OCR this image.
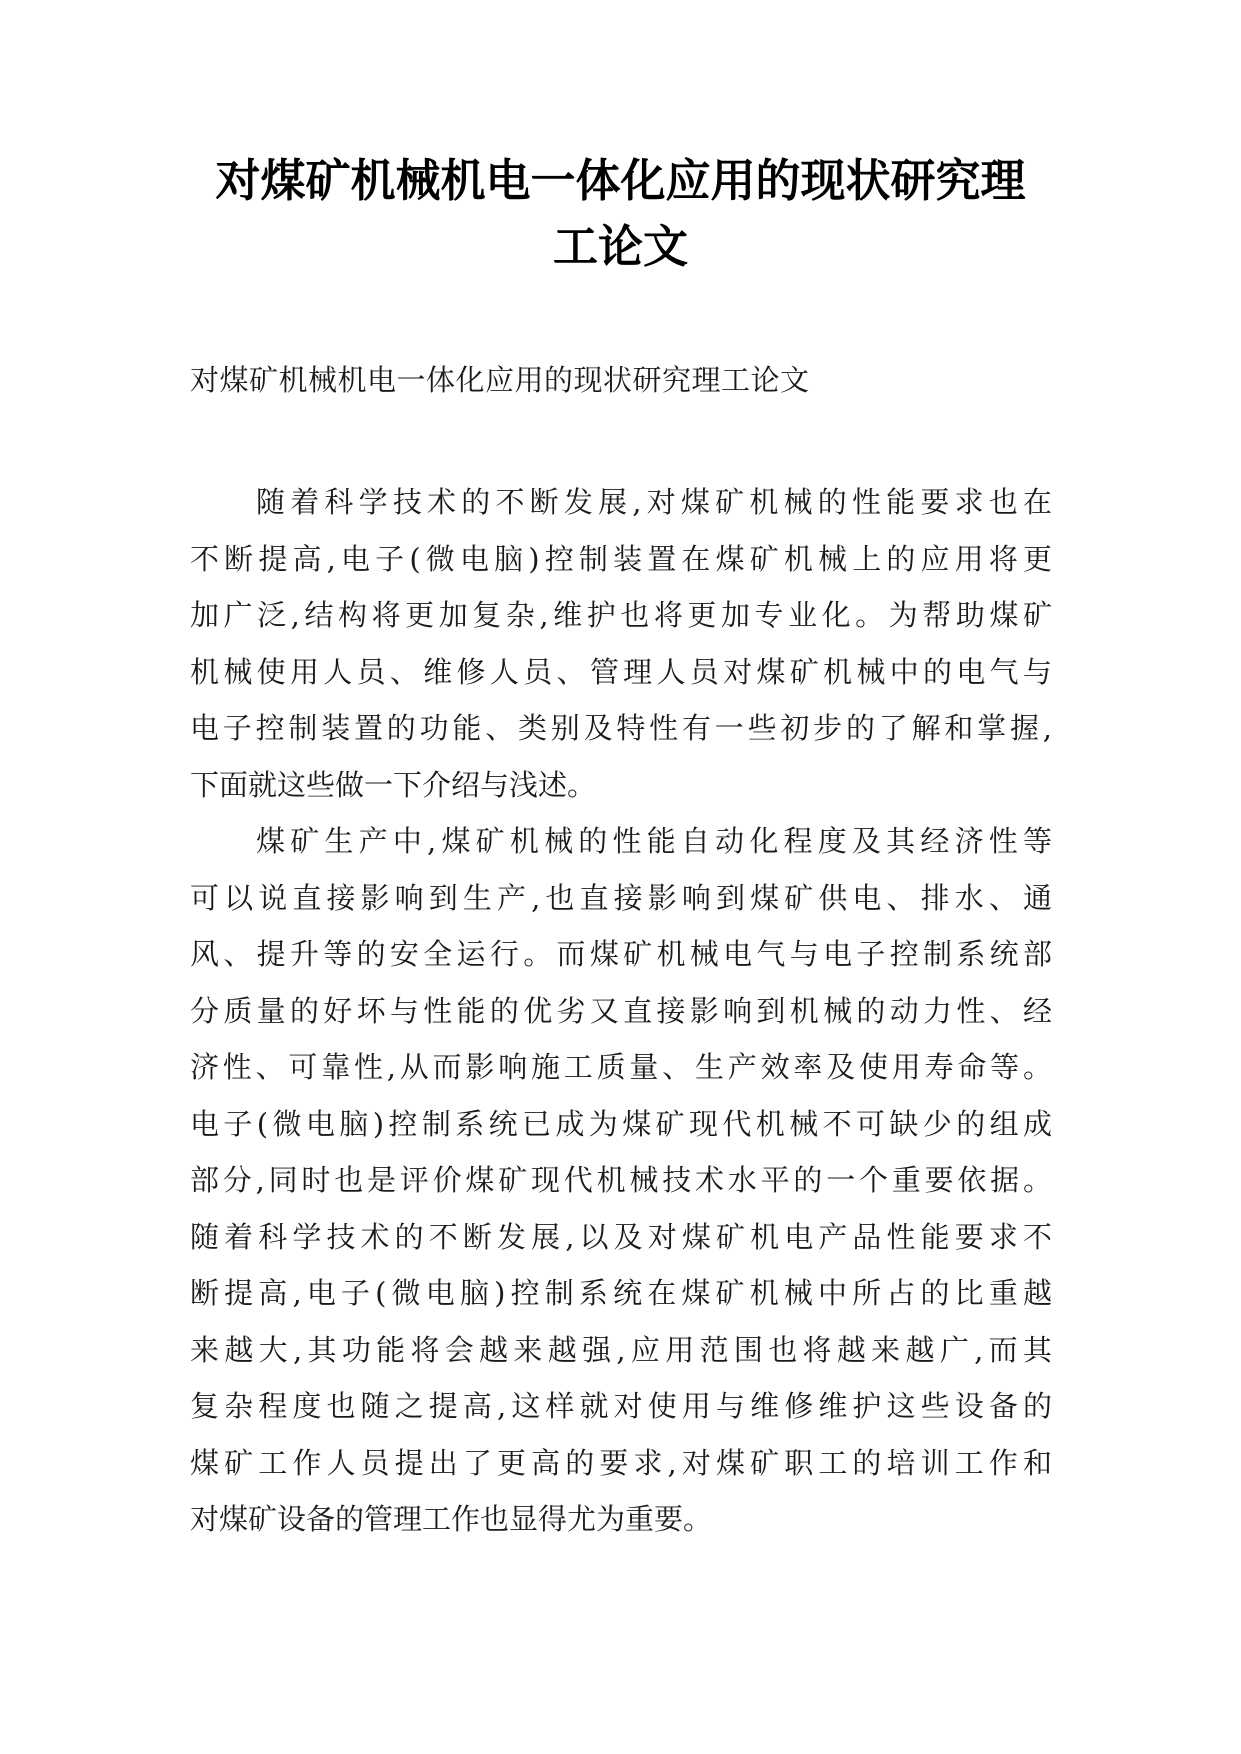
对煤矿机械机电一体化应用的现状研究理
工论文
对煤矿机械机电一体化应用的现状研究理工论文
随着科学技术的不断发展,对煤矿机械的性能要求也在
不断提高,电子(微电脑)控制装置在煤矿机械上的应用将更
加广泛,结构将更加复杂,维护也将更加专业化。为帮助煤矿
机械使用人员、维修人员、管理人员对煤矿机械中的电气与
电子控制装置的功能、类别及特性有一些初步的了解和掌握,
下面就这些做一下介绍与浅述。
煤矿生产中,煤矿机械的性能自动化程度及其经济性等
可以说直接影响到生产,也直接影响到煤矿供电、排水、通
风、提升等的安全运行。而煤矿机械电气与电子控制系统部
分质量的好坏与性能的优劣又直接影响到机械的动力性、经
济性、可靠性,从而影响施工质量、生产效率及使用寿命等。
电子(微电脑)控制系统已成为煤矿现代机械不可缺少的组成
部分,同时也是评价煤矿现代机械技术水平的一个重要依据。
随着科学技术的不断发展,以及对煤矿机电产品性能要求不
断提高,电子(微电脑)控制系统在煤矿机械中所占的比重越
来越大,其功能将会越来越强,应用范围也将越来越广,而其
复杂程度也随之提高,这样就对使用与维修维护这些设备的
煤矿工作人员提出了更高的要求,对煤矿职工的培训工作和
对煤矿设备的管理工作也显得尤为重要。
